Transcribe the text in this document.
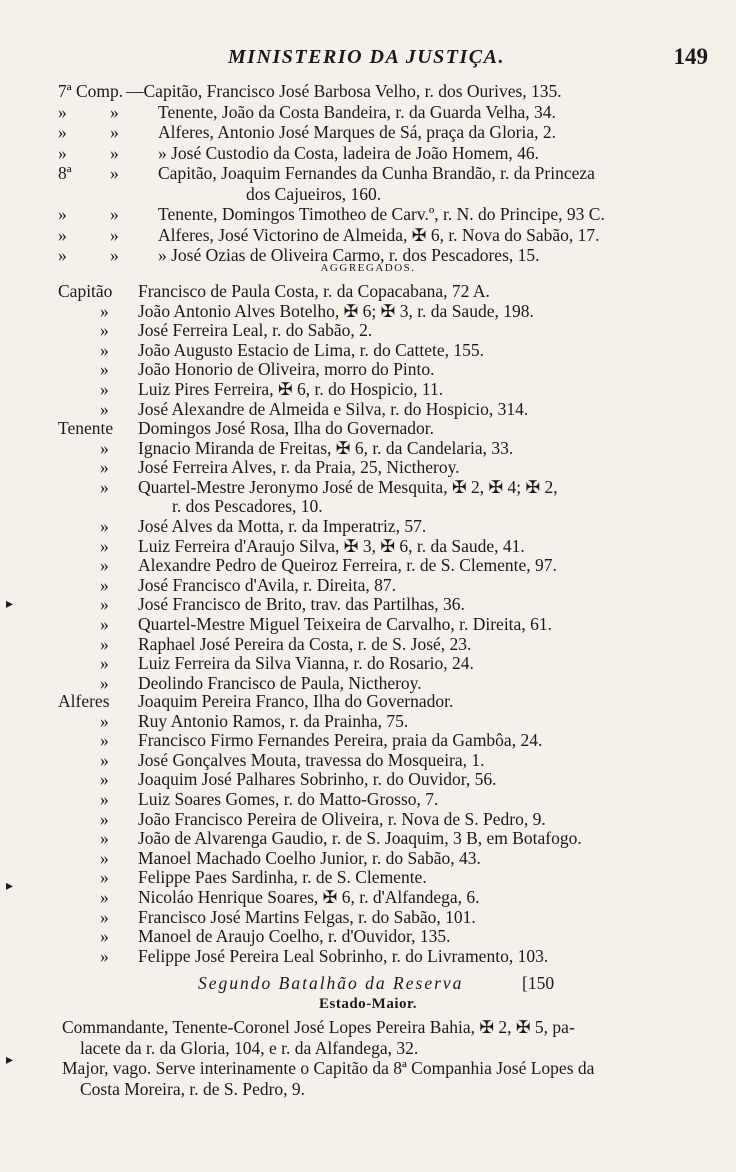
MINISTERIO DA JUSTIÇA.	149
7ª Comp. —Capitão, Francisco José Barbosa Velho, r. dos Ourives, 135.
» » Tenente, João da Costa Bandeira, r. da Guarda Velha, 34.
» » Alferes, Antonio José Marques de Sá, praça da Gloria, 2.
» » » José Custodio da Costa, ladeira de João Homem, 46.
8ª » Capitão, Joaquim Fernandes da Cunha Brandão, r. da Princeza
dos Cajueiros, 160.
» » Tenente, Domingos Timotheo de Carv.º, r. N. do Principe, 93 C.
» » Alferes, José Victorino de Almeida, ✠ 6, r. Nova do Sabão, 17.
» » » José Ozias de Oliveira Carmo, r. dos Pescadores, 15.
AGGREGADOS.
Capitão Francisco de Paula Costa, r. da Copacabana, 72 A.
» João Antonio Alves Botelho, ✠ 6; ✠ 3, r. da Saude, 198.
» José Ferreira Leal, r. do Sabão, 2.
» João Augusto Estacio de Lima, r. do Cattete, 155.
» João Honorio de Oliveira, morro do Pinto.
» Luiz Pires Ferreira, ✠ 6, r. do Hospicio, 11.
» José Alexandre de Almeida e Silva, r. do Hospicio, 314.
Tenente Domingos José Rosa, Ilha do Governador.
» Ignacio Miranda de Freitas, ✠ 6, r. da Candelaria, 33.
» José Ferreira Alves, r. da Praia, 25, Nictheroy.
» Quartel-Mestre Jeronymo José de Mesquita, ✠ 2, ✠ 4; ✠ 2,
r. dos Pescadores, 10.
» José Alves da Motta, r. da Imperatriz, 57.
» Luiz Ferreira d'Araujo Silva, ✠ 3, ✠ 6, r. da Saude, 41.
» Alexandre Pedro de Queiroz Ferreira, r. de S. Clemente, 97.
» José Francisco d'Avila, r. Direita, 87.
» José Francisco de Brito, trav. das Partilhas, 36.
» Quartel-Mestre Miguel Teixeira de Carvalho, r. Direita, 61.
» Raphael José Pereira da Costa, r. de S. José, 23.
» Luiz Ferreira da Silva Vianna, r. do Rosario, 24.
» Deolindo Francisco de Paula, Nictheroy.
Alferes Joaquim Pereira Franco, Ilha do Governador.
» Ruy Antonio Ramos, r. da Prainha, 75.
» Francisco Firmo Fernandes Pereira, praia da Gambôa, 24.
» José Gonçalves Mouta, travessa do Mosqueira, 1.
» Joaquim José Palhares Sobrinho, r. do Ouvidor, 56.
» Luiz Soares Gomes, r. do Matto-Grosso, 7.
» João Francisco Pereira de Oliveira, r. Nova de S. Pedro, 9.
» João de Alvarenga Gaudio, r. de S. Joaquim, 3 B, em Botafogo.
» Manoel Machado Coelho Junior, r. do Sabão, 43.
» Felippe Paes Sardinha, r. de S. Clemente.
» Nicoláo Henrique Soares, ✠ 6, r. d'Alfandega, 6.
» Francisco José Martins Felgas, r. do Sabão, 101.
» Manoel de Araujo Coelho, r. d'Ouvidor, 135.
» Felippe José Pereira Leal Sobrinho, r. do Livramento, 103.
Segundo Batalhão da Reserva	[150
Estado-Maior.
Commandante, Tenente-Coronel José Lopes Pereira Bahia, ✠ 2, ✠ 5, pa-
lacete da r. da Gloria, 104, e r. da Alfandega, 32.
Major, vago. Serve interinamente o Capitão da 8ª Companhia José Lopes da
Costa Moreira, r. de S. Pedro, 9.
▸
▸
▸
